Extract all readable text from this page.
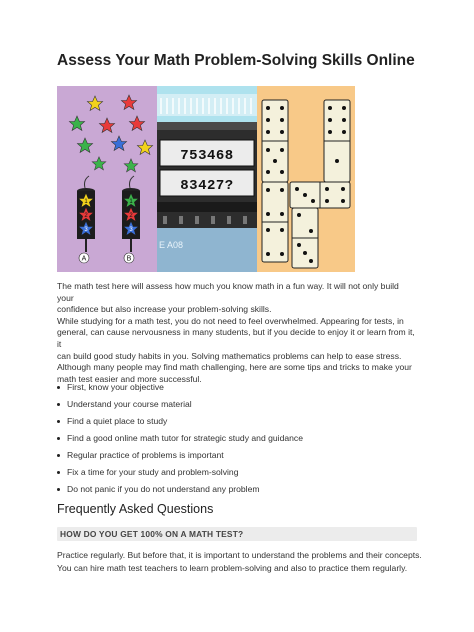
Assess Your Math Problem-Solving Skills Online
1
2
3
A
1
2
3
B
753468
83427?
E A08

The math test here will assess how much you know math in a fun way. It will not only build your
confidence but also increase your problem-solving skills.
While studying for a math test, you do not need to feel overwhelmed. Appearing for tests, in
general, can cause nervousness in many students, but if you decide to enjoy it or learn from it, it
can build good study habits in you. Solving mathematics problems can help to ease stress.
Although many people may find math challenging, here are some tips and tricks to make your
math test easier and more successful.

First, know your objective
Understand your course material
Find a quiet place to study
Find a good online math tutor for strategic study and guidance
Regular practice of problems is important
Fix a time for your study and problem-solving
Do not panic if you do not understand any problem
Frequently Asked Questions
HOW DO YOU GET 100% ON A MATH TEST?

Practice regularly. But before that, it is important to understand the problems and their concepts.
You can hire math test teachers to learn problem-solving and also to practice them regularly.
